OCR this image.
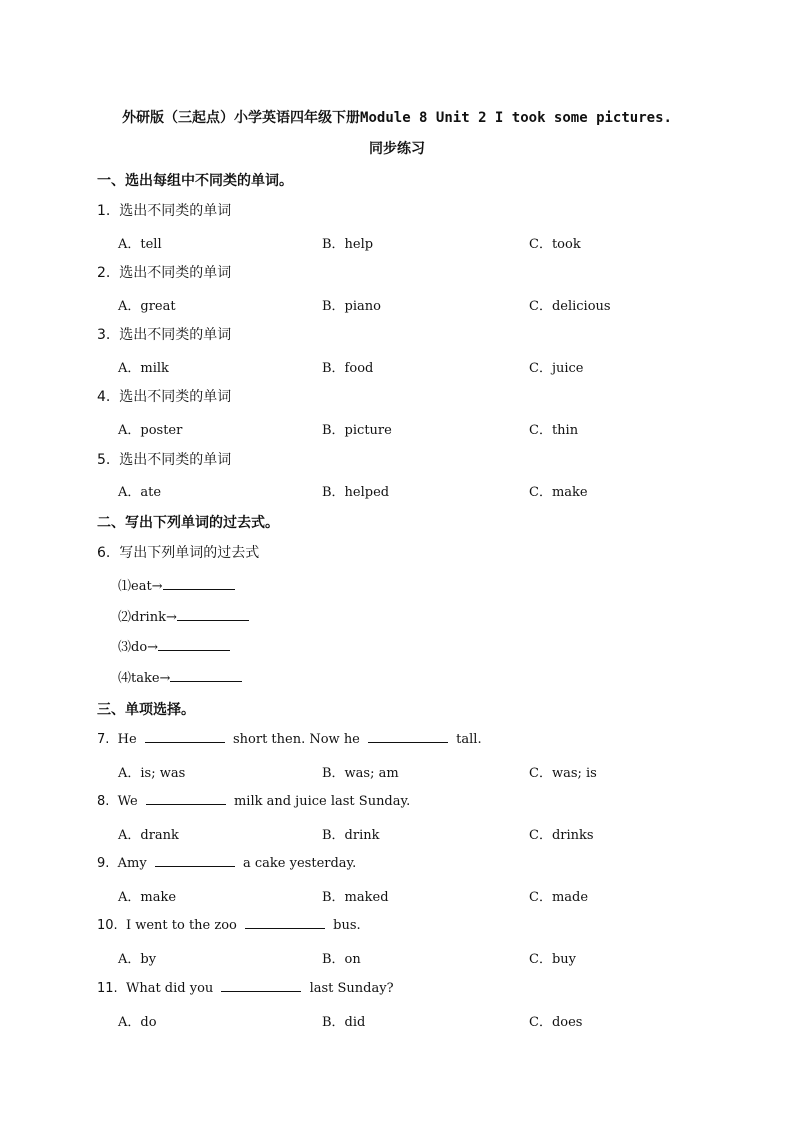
外研版（三起点）小学英语四年级下册Module 8 Unit 2 I took some pictures.
同步练习
一、选出每组中不同类的单词。
1. 选出不同类的单词
A．tell	B．help	C．took
2. 选出不同类的单词
A．great	B．piano	C．delicious
3. 选出不同类的单词
A．milk	B．food	C．juice
4. 选出不同类的单词
A．poster	B．picture	C．thin
5. 选出不同类的单词
A．ate	B．helped	C．make
二、写出下列单词的过去式。
6. 写出下列单词的过去式
⑴eat→
⑵drink→
⑶do→
⑷take→
三、单项选择。
7. He	short then. Now he	tall.
A．is; was	B．was; am	C．was; is
8. We	milk and juice last Sunday.
A．drank	B．drink	C．drinks
9. Amy	a cake yesterday.
A．make	B．maked	C．made
10. I went to the zoo	bus.
A．by	B．on	C．buy
11. What did you	last Sunday?
A．do	B．did	C．does
